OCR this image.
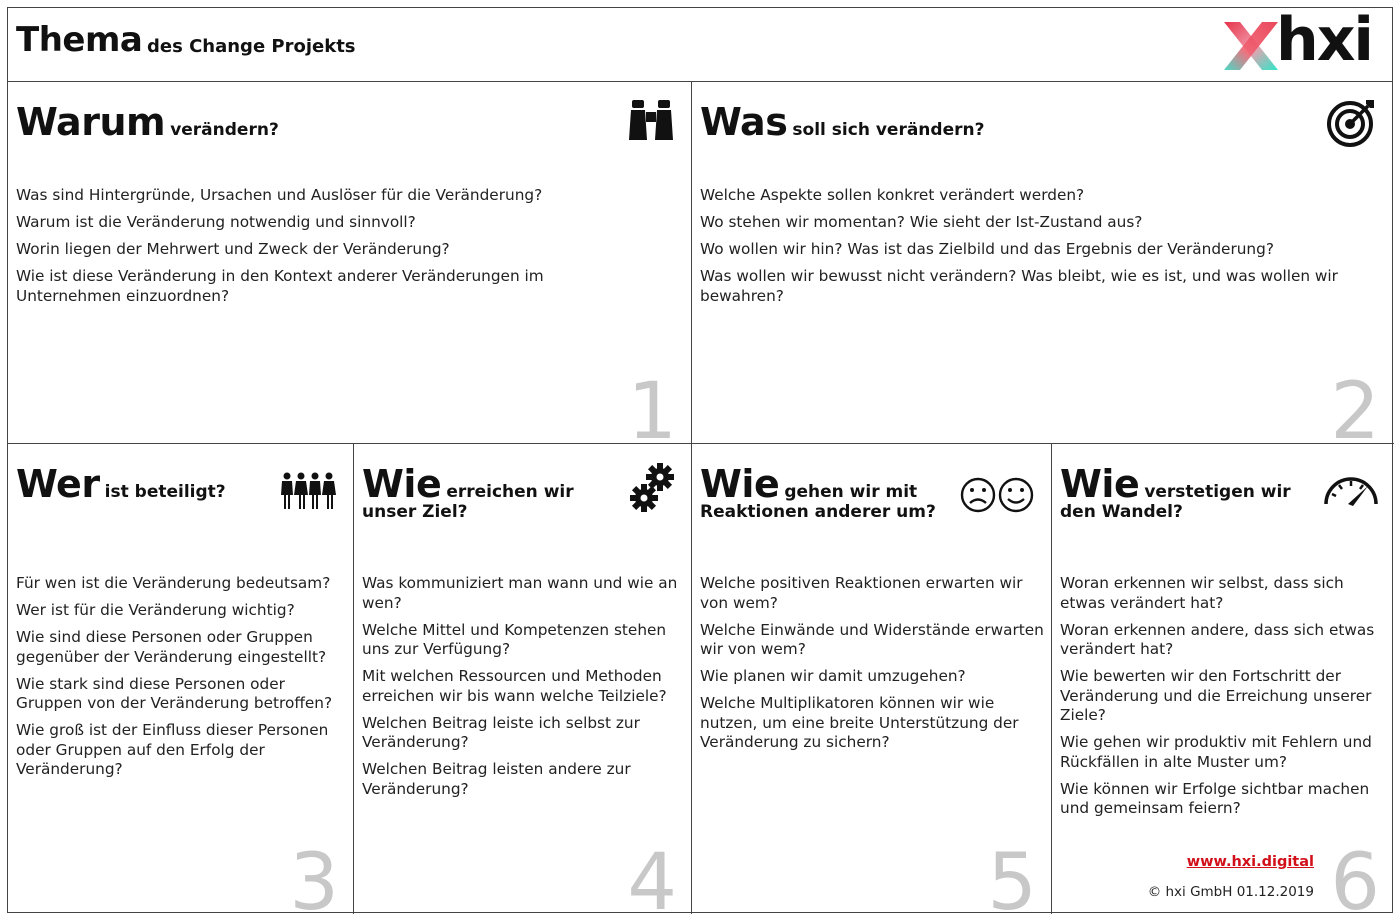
Thema des Change Projekts	hxi
Warum verändern?
Was sind Hintergründe, Ursachen und Auslöser für die Veränderung?
Warum ist die Veränderung notwendig und sinnvoll?
Worin liegen der Mehrwert und Zweck der Veränderung?
Wie ist diese Veränderung in den Kontext anderer Veränderungen im Unternehmen einzuordnen?
1
Was soll sich verändern?
Welche Aspekte sollen konkret verändert werden?
Wo stehen wir momentan? Wie sieht der Ist-Zustand aus?
Wo wollen wir hin? Was ist das Zielbild und das Ergebnis der Veränderung?
Was wollen wir bewusst nicht verändern? Was bleibt, wie es ist, und was wollen wir bewahren?
2
Wer ist beteiligt?
Für wen ist die Veränderung bedeutsam?
Wer ist für die Veränderung wichtig?
Wie sind diese Personen oder Gruppen gegenüber der Veränderung eingestellt?
Wie stark sind diese Personen oder Gruppen von der Veränderung betroffen?
Wie groß ist der Einfluss dieser Personen oder Gruppen auf den Erfolg der Veränderung?
3
Wie erreichen wir
unser Ziel?
Was kommuniziert man wann und wie an wen?
Welche Mittel und Kompetenzen stehen uns zur Verfügung?
Mit welchen Ressourcen und Methoden erreichen wir bis wann welche Teilziele?
Welchen Beitrag leiste ich selbst zur Veränderung?
Welchen Beitrag leisten andere zur Veränderung?
4
Wie gehen wir mit
Reaktionen anderer um?
Welche positiven Reaktionen erwarten wir von wem?
Welche Einwände und Widerstände erwarten wir von wem?
Wie planen wir damit umzugehen?
Welche Multiplikatoren können wir wie nutzen, um eine breite Unterstützung der Veränderung zu sichern?
5
Wie verstetigen wir
den Wandel?
Woran erkennen wir selbst, dass sich etwas verändert hat?
Woran erkennen andere, dass sich etwas verändert hat?
Wie bewerten wir den Fortschritt der Veränderung und die Erreichung unserer Ziele?
Wie gehen wir produktiv mit Fehlern und Rückfällen in alte Muster um?
Wie können wir Erfolge sichtbar machen und gemeinsam feiern?
www.hxi.digital
© hxi GmbH 01.12.2019 6
